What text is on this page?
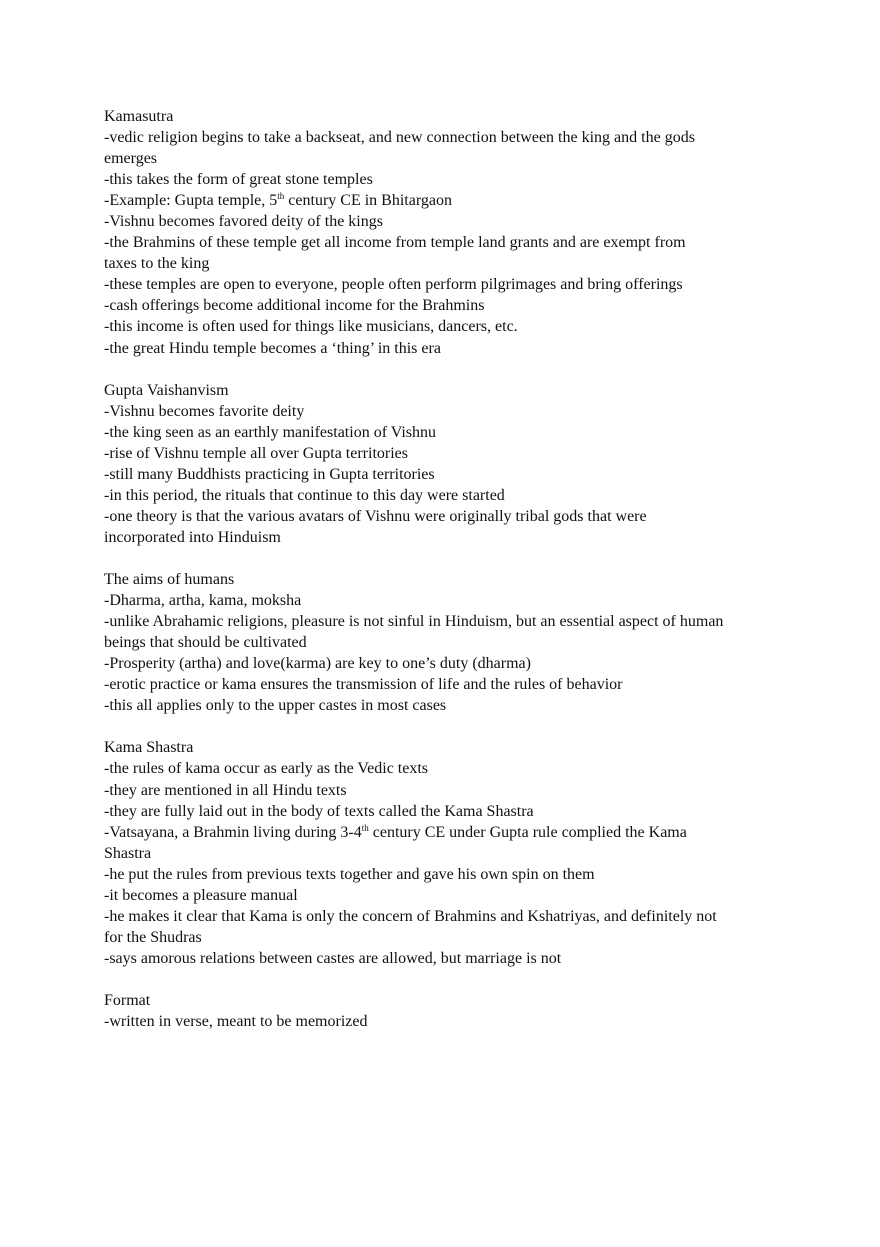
Kamasutra
-vedic religion begins to take a backseat, and new connection between the king and the gods
emerges
-this takes the form of great stone temples
-Example: Gupta temple, 5th century CE in Bhitargaon
-Vishnu becomes favored deity of the kings
-the Brahmins of these temple get all income from temple land grants and are exempt from
taxes to the king
-these temples are open to everyone, people often perform pilgrimages and bring offerings
-cash offerings become additional income for the Brahmins
-this income is often used for things like musicians, dancers, etc.
-the great Hindu temple becomes a ‘thing’ in this era
Gupta Vaishanvism
-Vishnu becomes favorite deity
-the king seen as an earthly manifestation of Vishnu
-rise of Vishnu temple all over Gupta territories
-still many Buddhists practicing in Gupta territories
-in this period, the rituals that continue to this day were started
-one theory is that the various avatars of Vishnu were originally tribal gods that were
incorporated into Hinduism
The aims of humans
-Dharma, artha, kama, moksha
-unlike Abrahamic religions, pleasure is not sinful in Hinduism, but an essential aspect of human
beings that should be cultivated
-Prosperity (artha) and love(karma) are key to one’s duty (dharma)
-erotic practice or kama ensures the transmission of life and the rules of behavior
-this all applies only to the upper castes in most cases
Kama Shastra
-the rules of kama occur as early as the Vedic texts
-they are mentioned in all Hindu texts
-they are fully laid out in the body of texts called the Kama Shastra
-Vatsayana, a Brahmin living during 3-4th century CE under Gupta rule complied the Kama
Shastra
-he put the rules from previous texts together and gave his own spin on them
-it becomes a pleasure manual
-he makes it clear that Kama is only the concern of Brahmins and Kshatriyas, and definitely not
for the Shudras
-says amorous relations between castes are allowed, but marriage is not
Format
-written in verse, meant to be memorized
